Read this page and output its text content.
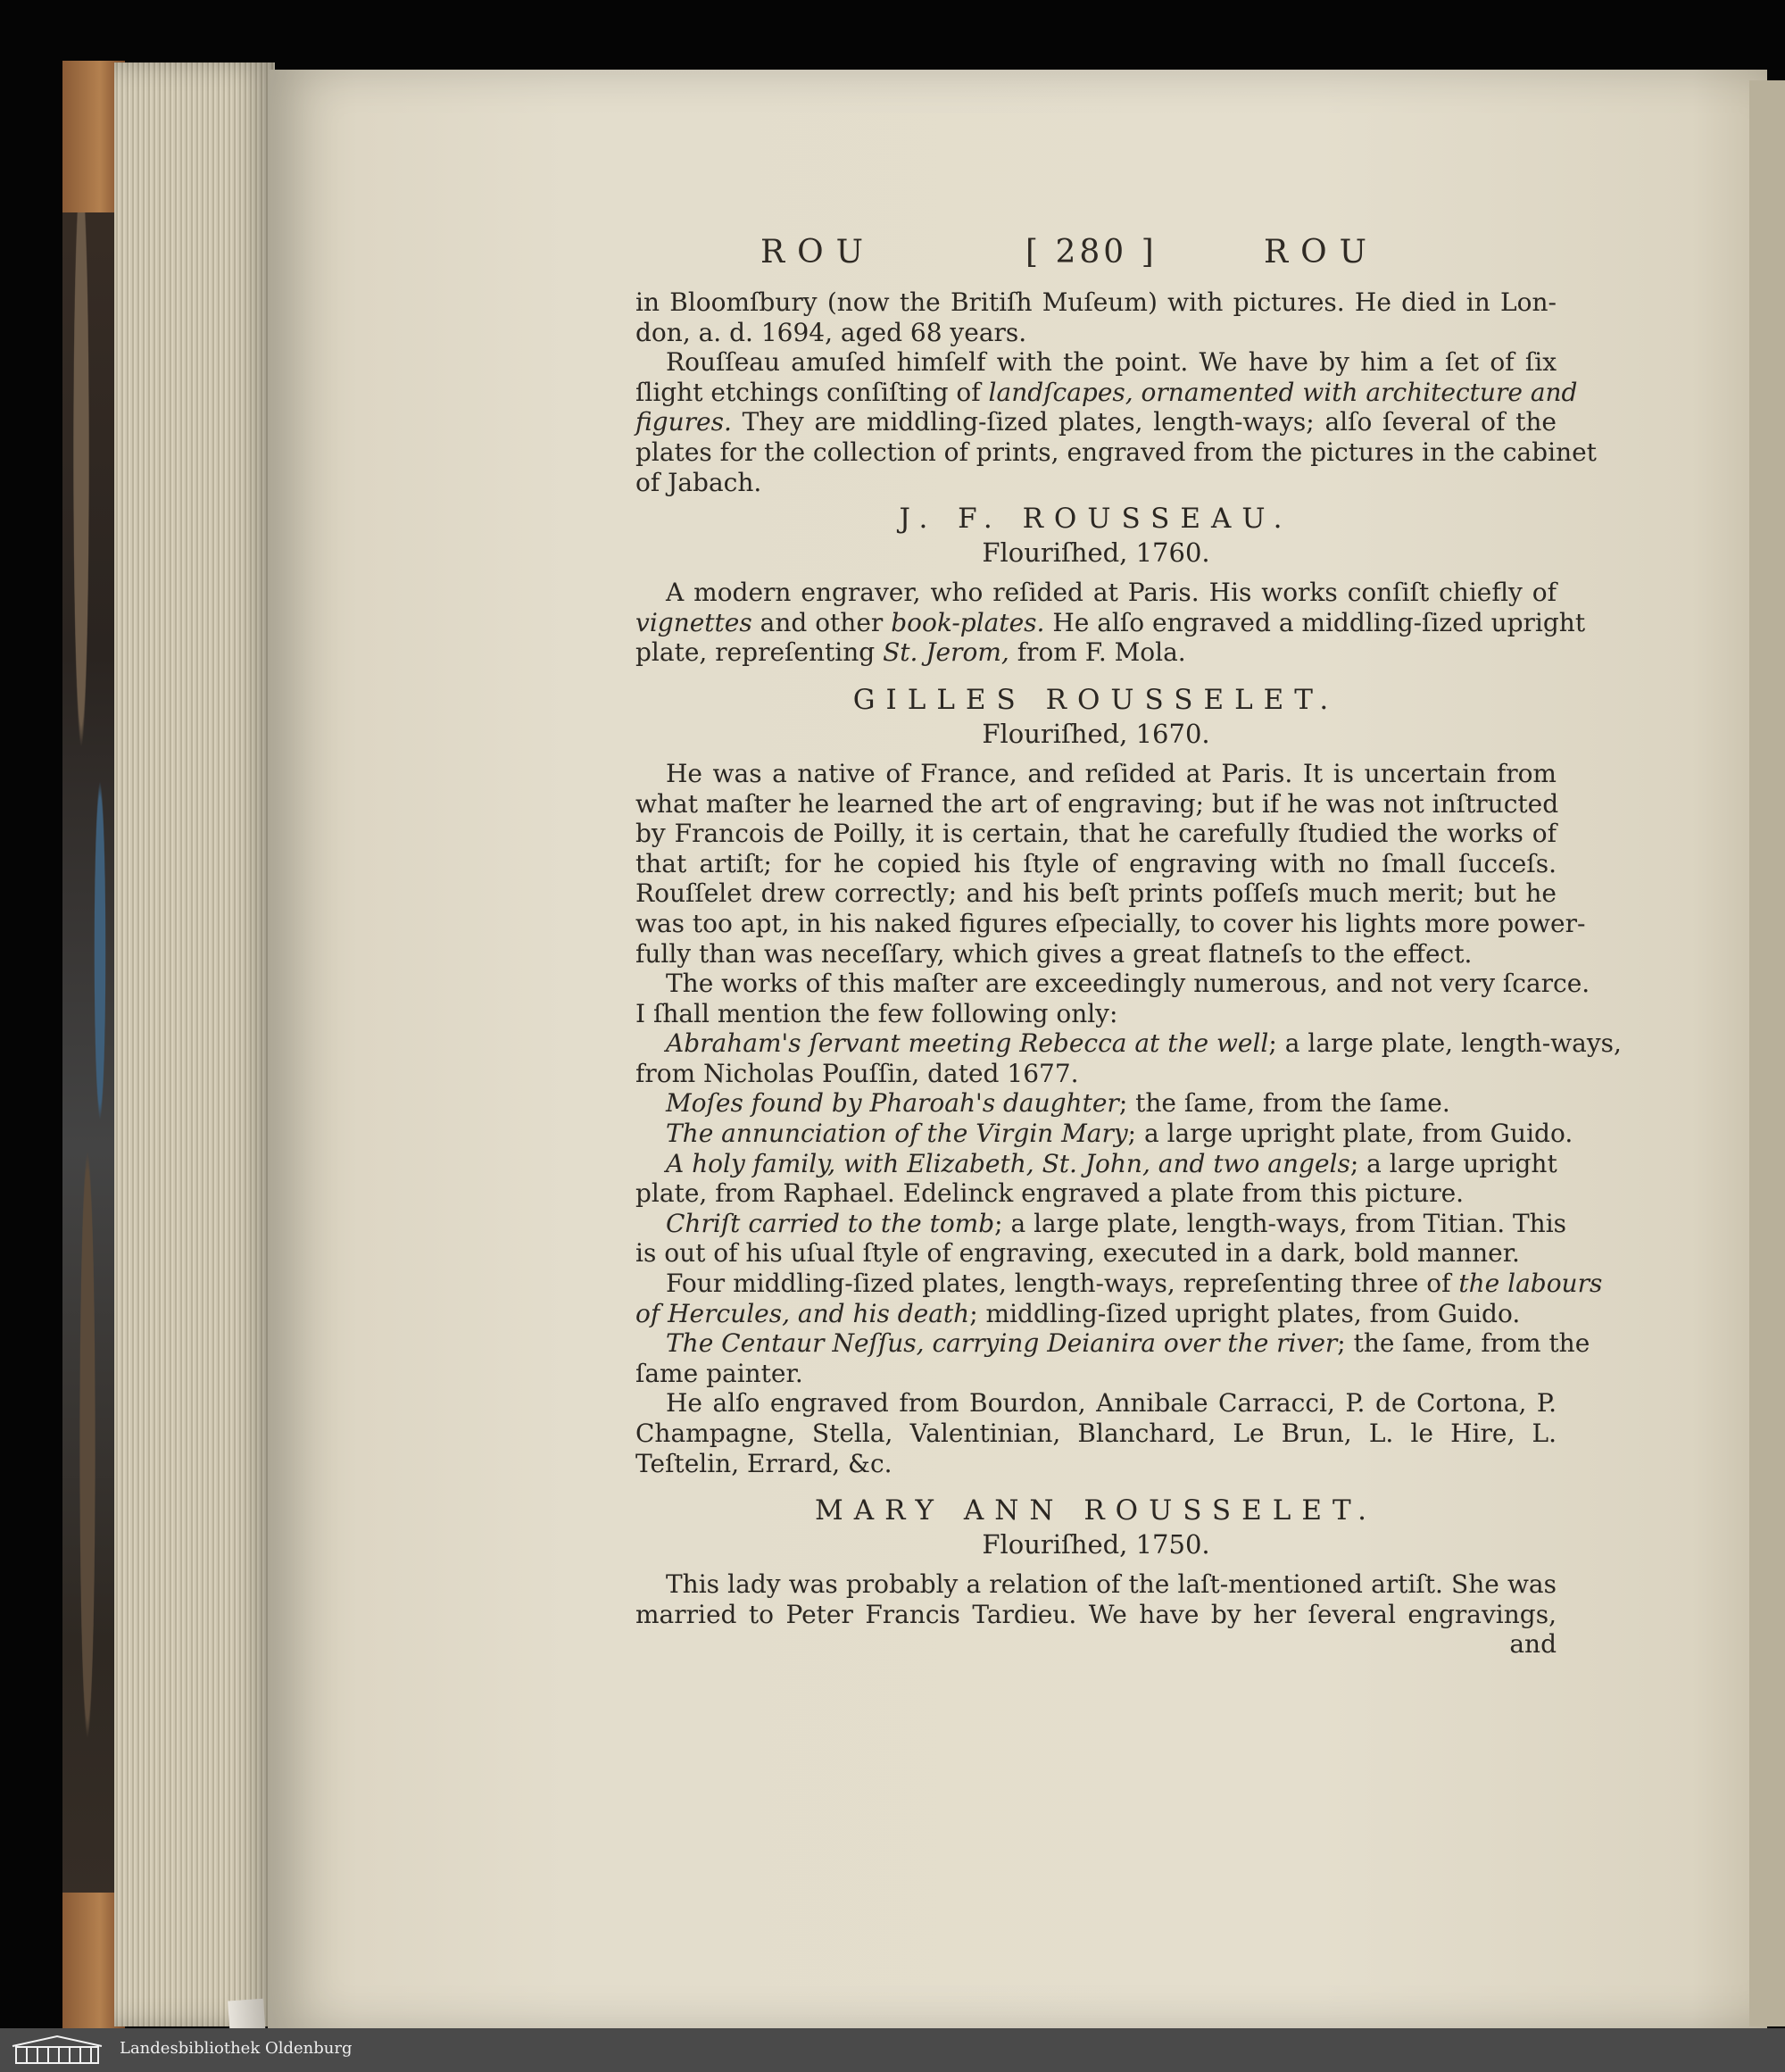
ROU	[ 280 ]	ROU

in Bloomſbury (now the Britiſh Muſeum) with pictures. He died in Lon-

don, a. d. 1694, aged 68 years.

Rouſſeau amuſed himſelf with the point. We have by him a ſet of ſix

ſlight etchings conſiſting of landſcapes, ornamented with architecture and

figures. They are middling-ſized plates, length-ways; alſo ſeveral of the

plates for the collection of prints, engraved from the pictures in the cabinet

of Jabach.

J. F. ROUSSEAU.
Flouriſhed, 1760.

A modern engraver, who reſided at Paris. His works conſiſt chiefly of

vignettes and other book-plates. He alſo engraved a middling-ſized upright

plate, repreſenting St. Jerom, from F. Mola.

GILLES ROUSSELET.
Flouriſhed, 1670.

He was a native of France, and reſided at Paris. It is uncertain from

what maſter he learned the art of engraving; but if he was not inſtructed

by Francois de Poilly, it is certain, that he carefully ſtudied the works of

that artiſt; for he copied his ſtyle of engraving with no ſmall ſucceſs.

Rouſſelet drew correctly; and his beſt prints poſſeſs much merit; but he

was too apt, in his naked figures eſpecially, to cover his lights more power-

fully than was neceſſary, which gives a great flatneſs to the effect.

The works of this maſter are exceedingly numerous, and not very ſcarce.

I ſhall mention the few following only:

Abraham's ſervant meeting Rebecca at the well; a large plate, length-ways,

from Nicholas Pouſſin, dated 1677.

Moſes found by Pharoah's daughter; the ſame, from the ſame.

The annunciation of the Virgin Mary; a large upright plate, from Guido.

A holy family, with Elizabeth, St. John, and two angels; a large upright

plate, from Raphael. Edelinck engraved a plate from this picture.

Chriſt carried to the tomb; a large plate, length-ways, from Titian. This

is out of his uſual ſtyle of engraving, executed in a dark, bold manner.

Four middling-ſized plates, length-ways, repreſenting three of the labours

of Hercules, and his death; middling-ſized upright plates, from Guido.

The Centaur Neſſus, carrying Deianira over the river; the ſame, from the

ſame painter.

He alſo engraved from Bourdon, Annibale Carracci, P. de Cortona, P.

Champagne, Stella, Valentinian, Blanchard, Le Brun, L. le Hire, L.

Teſtelin, Errard, &c.

MARY ANN ROUSSELET.
Flouriſhed, 1750.

This lady was probably a relation of the laſt-mentioned artiſt. She was

married to Peter Francis Tardieu. We have by her ſeveral engravings,

and

Landesbibliothek Oldenburg
